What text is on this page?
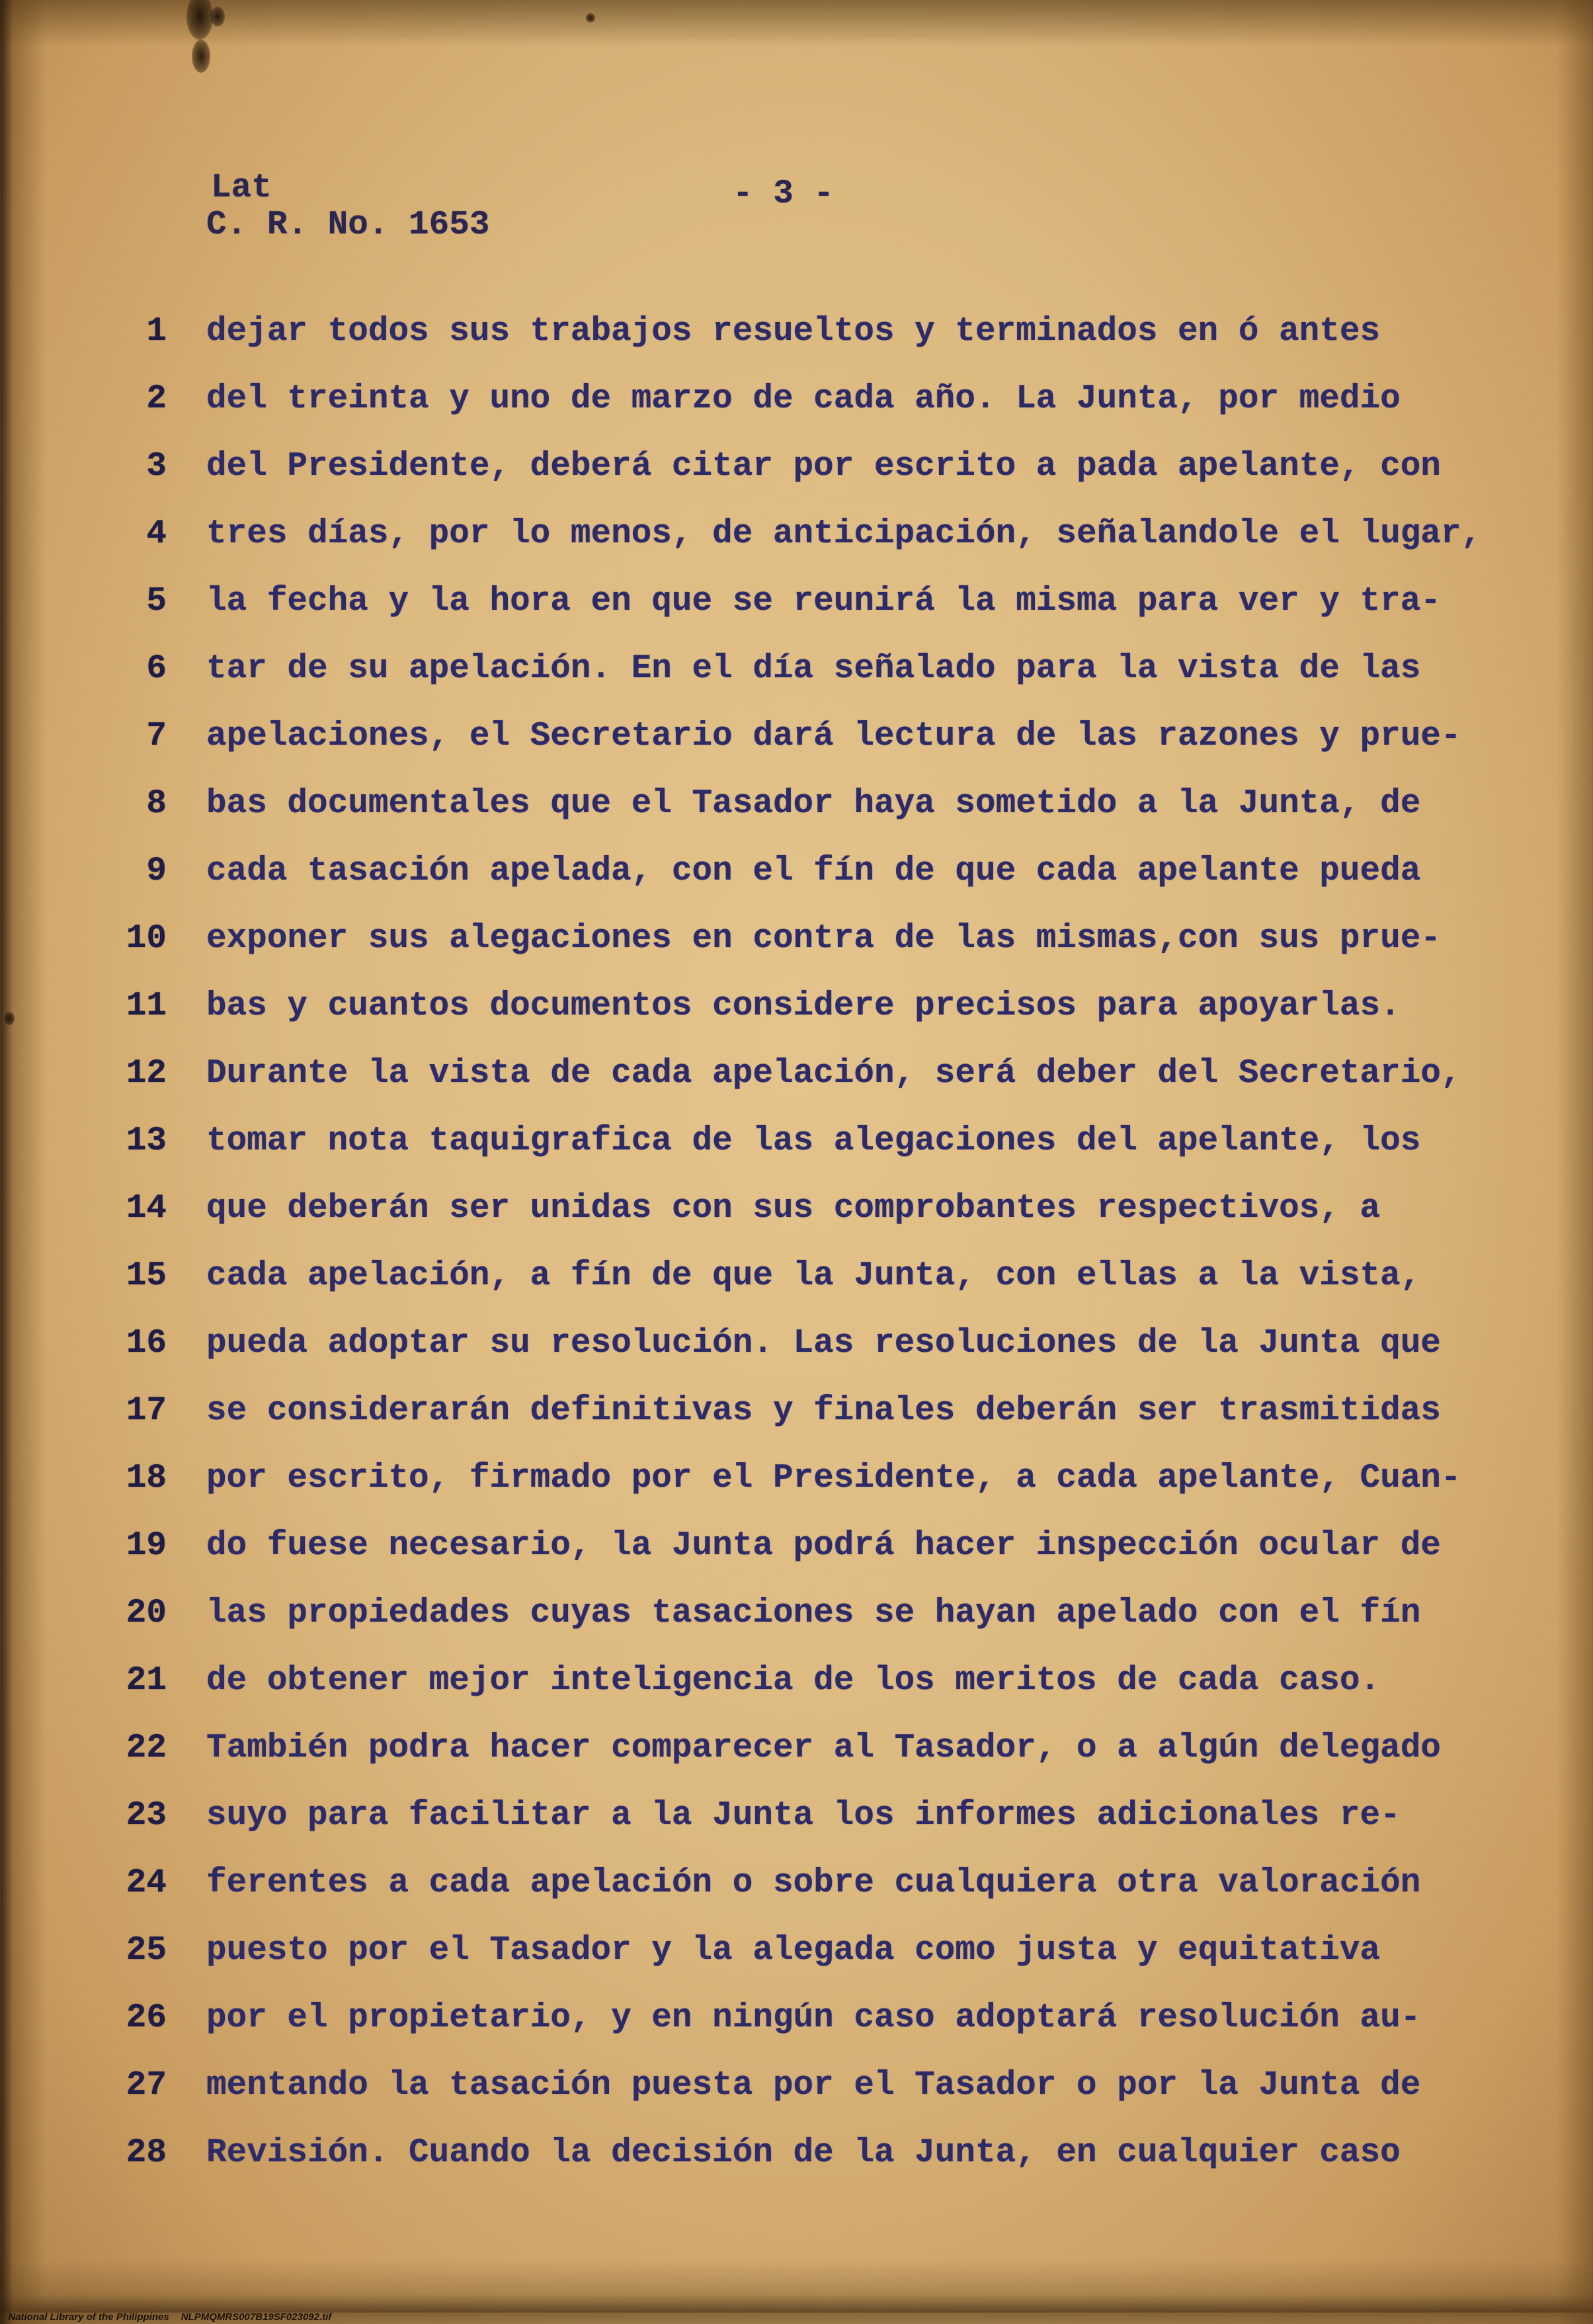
Lat	- 3 -
C. R. No. 1653
1 dejar todos sus trabajos resueltos y terminados en ó antes
2 del treinta y uno de marzo de cada año. La Junta, por medio
3 del Presidente, deberá citar por escrito a pada apelante, con
4 tres días, por lo menos, de anticipación, señalandole el lugar,
5 la fecha y la hora en que se reunirá la misma para ver y tra-
6 tar de su apelación. En el día señalado para la vista de las
7 apelaciones, el Secretario dará lectura de las razones y prue-
8 bas documentales que el Tasador haya sometido a la Junta, de
9 cada tasación apelada, con el fín de que cada apelante pueda
10 exponer sus alegaciones en contra de las mismas,con sus prue-
11 bas y cuantos documentos considere precisos para apoyarlas.
12 Durante la vista de cada apelación, será deber del Secretario,
13 tomar nota taquigrafica de las alegaciones del apelante, los
14 que deberán ser unidas con sus comprobantes respectivos, a
15 cada apelación, a fín de que la Junta, con ellas a la vista,
16 pueda adoptar su resolución. Las resoluciones de la Junta que
17 se considerarán definitivas y finales deberán ser trasmitidas
18 por escrito, firmado por el Presidente, a cada apelante, Cuan-
19 do fuese necesario, la Junta podrá hacer inspección ocular de
20 las propiedades cuyas tasaciones se hayan apelado con el fín
21 de obtener mejor inteligencia de los meritos de cada caso.
22 También podra hacer comparecer al Tasador, o a algún delegado
23 suyo para facilitar a la Junta los informes adicionales re-
24 ferentes a cada apelación o sobre cualquiera otra valoración
25 puesto por el Tasador y la alegada como justa y equitativa
26 por el propietario, y en ningún caso adoptará resolución au-
27 mentando la tasación puesta por el Tasador o por la Junta de
28 Revisión. Cuando la decisión de la Junta, en cualquier caso

National Library of the Philippines NLPMQMRS007B19SF023092.tif
